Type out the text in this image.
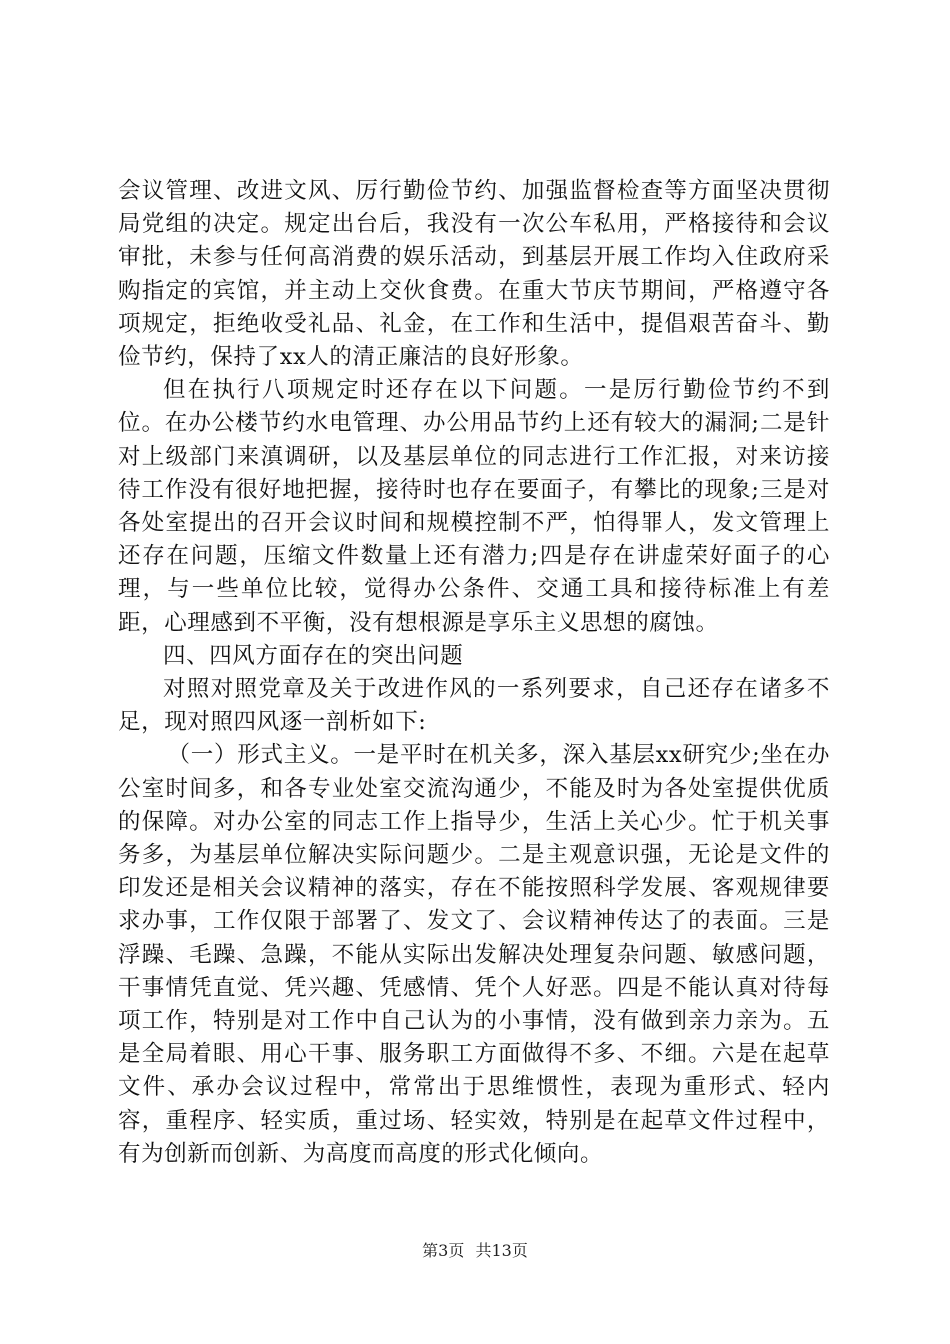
会议管理、改进文风、厉行勤俭节约、加强监督检查等方面坚决贯彻局党组的决定。规定出台后，我没有一次公车私用，严格接待和会议审批，未参与任何高消费的娱乐活动，到基层开展工作均入住政府采购指定的宾馆，并主动上交伙食费。在重大节庆节期间，严格遵守各项规定，拒绝收受礼品、礼金，在工作和生活中，提倡艰苦奋斗、勤俭节约，保持了xx人的清正廉洁的良好形象。

但在执行八项规定时还存在以下问题。一是厉行勤俭节约不到位。在办公楼节约水电管理、办公用品节约上还有较大的漏洞;二是针对上级部门来滇调研，以及基层单位的同志进行工作汇报，对来访接待工作没有很好地把握，接待时也存在要面子，有攀比的现象;三是对各处室提出的召开会议时间和规模控制不严，怕得罪人，发文管理上还存在问题，压缩文件数量上还有潜力;四是存在讲虚荣好面子的心理，与一些单位比较，觉得办公条件、交通工具和接待标准上有差距，心理感到不平衡，没有想根源是享乐主义思想的腐蚀。

四、四风方面存在的突出问题

对照对照党章及关于改进作风的一系列要求，自己还存在诸多不足，现对照四风逐一剖析如下:

（一）形式主义。一是平时在机关多，深入基层xx研究少;坐在办公室时间多，和各专业处室交流沟通少，不能及时为各处室提供优质的保障。对办公室的同志工作上指导少，生活上关心少。忙于机关事务多，为基层单位解决实际问题少。二是主观意识强，无论是文件的印发还是相关会议精神的落实，存在不能按照科学发展、客观规律要求办事，工作仅限于部署了、发文了、会议精神传达了的表面。三是浮躁、毛躁、急躁，不能从实际出发解决处理复杂问题、敏感问题，干事情凭直觉、凭兴趣、凭感情、凭个人好恶。四是不能认真对待每项工作，特别是对工作中自己认为的小事情，没有做到亲力亲为。五是全局着眼、用心干事、服务职工方面做得不多、不细。六是在起草文件、承办会议过程中，常常出于思维惯性，表现为重形式、轻内容，重程序、轻实质，重过场、轻实效，特别是在起草文件过程中，有为创新而创新、为高度而高度的形式化倾向。

第3页 共13页
